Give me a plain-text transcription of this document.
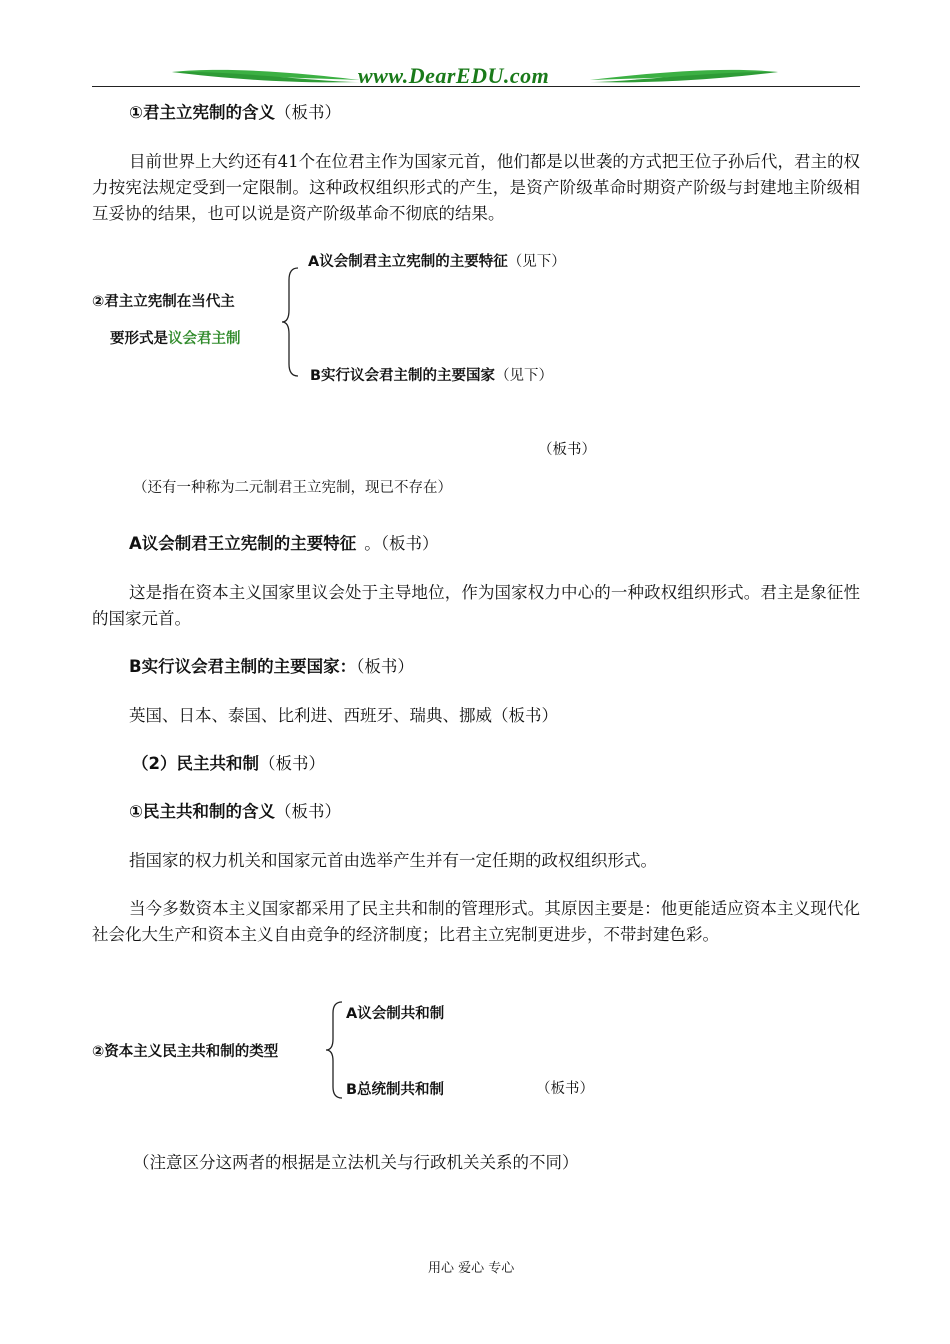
www.DearEDU.com
①君主立宪制的含义（板书）
目前世界上大约还有41个在位君主作为国家元首，他们都是以世袭的方式把王位子孙后代，君主的权力按宪法规定受到一定限制。这种政权组织形式的产生，是资产阶级革命时期资产阶级与封建地主阶级相互妥协的结果，也可以说是资产阶级革命不彻底的结果。
②君主立宪制在当代主
要形式是议会君主制
A议会制君主立宪制的主要特征（见下）
B实行议会君主制的主要国家（见下）
（板书）
（还有一种称为二元制君王立宪制，现已不存在）
A议会制君王立宪制的主要特征 。（板书）
这是指在资本主义国家里议会处于主导地位，作为国家权力中心的一种政权组织形式。君主是象征性的国家元首。
B实行议会君主制的主要国家：（板书）
英国、日本、泰国、比利进、西班牙、瑞典、挪威（板书）
（2）民主共和制（板书）
①民主共和制的含义（板书）
指国家的权力机关和国家元首由选举产生并有一定任期的政权组织形式。
当今多数资本主义国家都采用了民主共和制的管理形式。其原因主要是：他更能适应资本主义现代化社会化大生产和资本主义自由竞争的经济制度；比君主立宪制更进步，不带封建色彩。
②资本主义民主共和制的类型
A议会制共和制
B总统制共和制	（板书）
（注意区分这两者的根据是立法机关与行政机关关系的不同）
用心 爱心 专心
